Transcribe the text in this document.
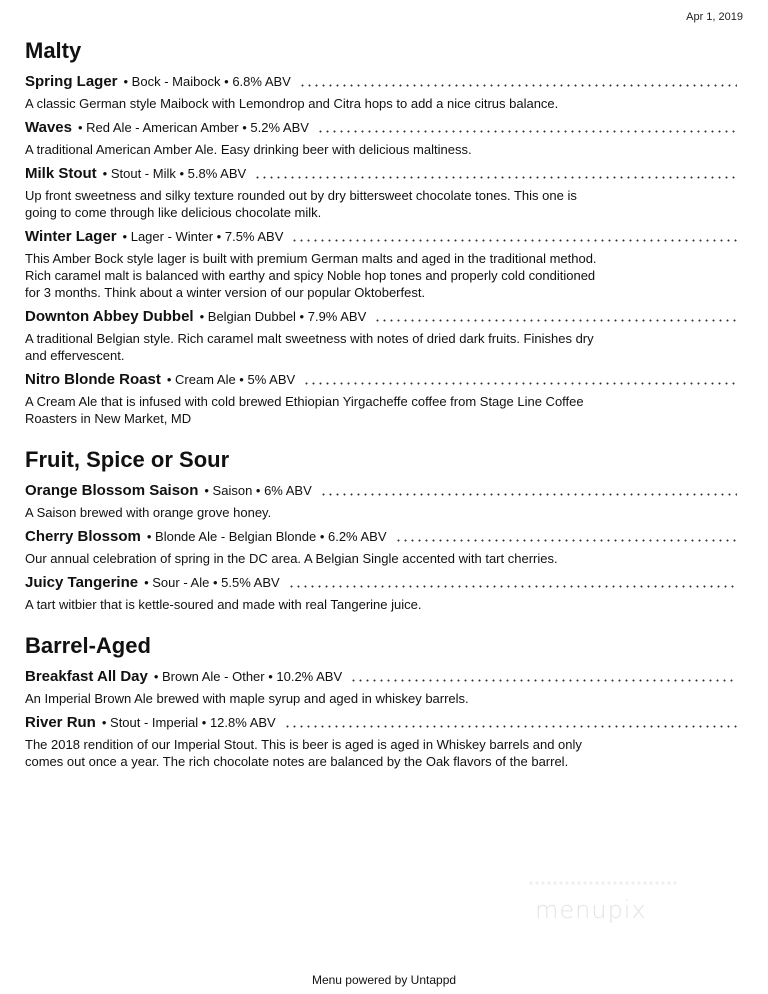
Apr 1, 2019
Malty
Spring Lager • Bock - Maibock • 6.8% ABV
A classic German style Maibock with Lemondrop and Citra hops to add a nice citrus balance.
Waves • Red Ale - American Amber • 5.2% ABV
A traditional American Amber Ale. Easy drinking beer with delicious maltiness.
Milk Stout • Stout - Milk • 5.8% ABV
Up front sweetness and silky texture rounded out by dry bittersweet chocolate tones. This one is going to come through like delicious chocolate milk.
Winter Lager • Lager - Winter • 7.5% ABV
This Amber Bock style lager is built with premium German malts and aged in the traditional method. Rich caramel malt is balanced with earthy and spicy Noble hop tones and properly cold conditioned for 3 months. Think about a winter version of our popular Oktoberfest.
Downton Abbey Dubbel • Belgian Dubbel • 7.9% ABV
A traditional Belgian style. Rich caramel malt sweetness with notes of dried dark fruits. Finishes dry and effervescent.
Nitro Blonde Roast • Cream Ale • 5% ABV
A Cream Ale that is infused with cold brewed Ethiopian Yirgacheffe coffee from Stage Line Coffee Roasters in New Market, MD
Fruit, Spice or Sour
Orange Blossom Saison • Saison • 6% ABV
A Saison brewed with orange grove honey.
Cherry Blossom • Blonde Ale - Belgian Blonde • 6.2% ABV
Our annual celebration of spring in the DC area. A Belgian Single accented with tart cherries.
Juicy Tangerine • Sour - Ale • 5.5% ABV
A tart witbier that is kettle-soured and made with real Tangerine juice.
Barrel-Aged
Breakfast All Day • Brown Ale - Other • 10.2% ABV
An Imperial Brown Ale brewed with maple syrup and aged in whiskey barrels.
River Run • Stout - Imperial • 12.8% ABV
The 2018 rendition of our Imperial Stout. This is beer is aged is aged in Whiskey barrels and only comes out once a year. The rich chocolate notes are balanced by the Oak flavors of the barrel.
menupix
Menu powered by Untappd
